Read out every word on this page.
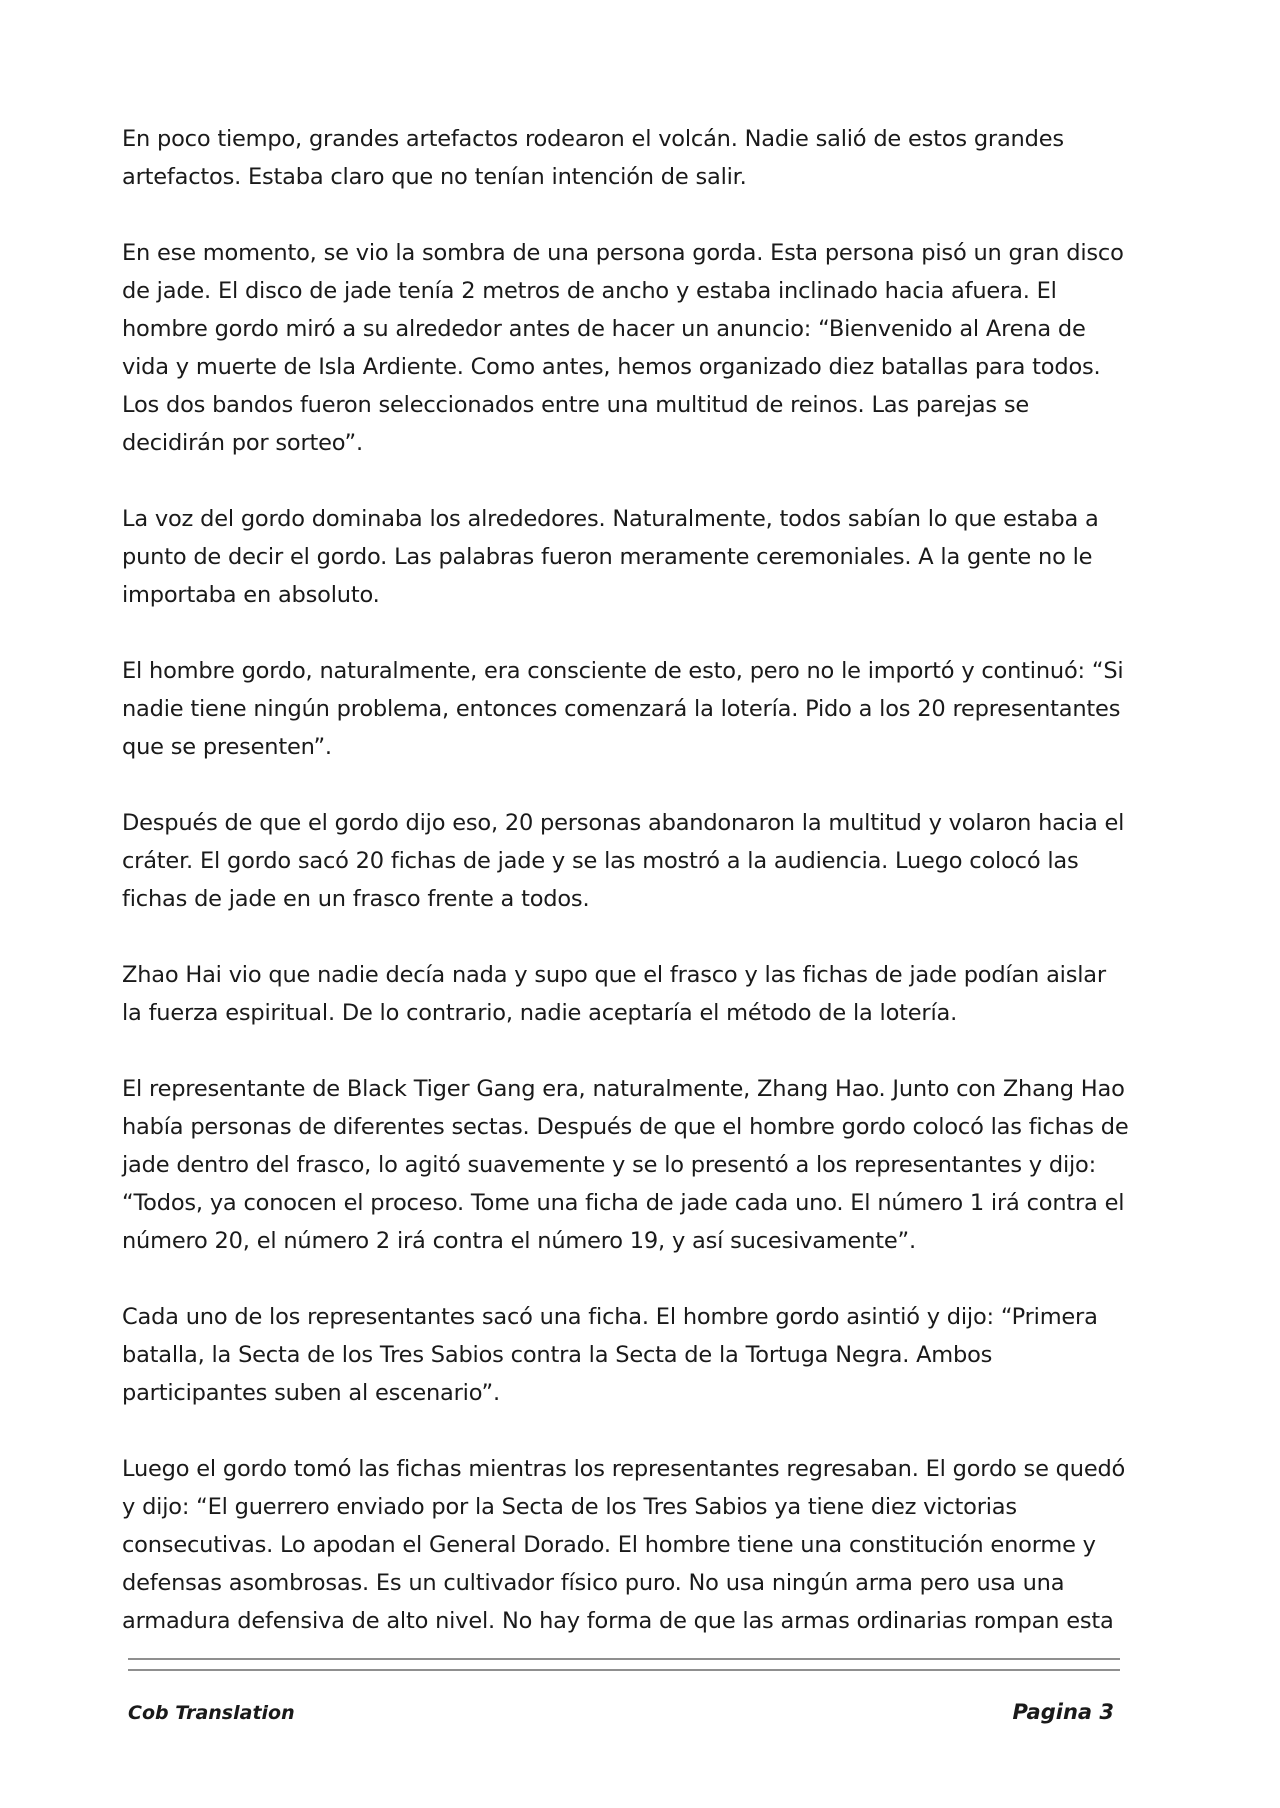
En poco tiempo, grandes artefactos rodearon el volcán. Nadie salió de estos grandes artefactos. Estaba claro que no tenían intención de salir.

En ese momento, se vio la sombra de una persona gorda. Esta persona pisó un gran disco de jade. El disco de jade tenía 2 metros de ancho y estaba inclinado hacia afuera. El hombre gordo miró a su alrededor antes de hacer un anuncio: “Bienvenido al Arena de vida y muerte de Isla Ardiente. Como antes, hemos organizado diez batallas para todos. Los dos bandos fueron seleccionados entre una multitud de reinos. Las parejas se decidirán por sorteo”.

La voz del gordo dominaba los alrededores. Naturalmente, todos sabían lo que estaba a punto de decir el gordo. Las palabras fueron meramente ceremoniales. A la gente no le importaba en absoluto.

El hombre gordo, naturalmente, era consciente de esto, pero no le importó y continuó: “Si nadie tiene ningún problema, entonces comenzará la lotería. Pido a los 20 representantes que se presenten”.

Después de que el gordo dijo eso, 20 personas abandonaron la multitud y volaron hacia el cráter. El gordo sacó 20 fichas de jade y se las mostró a la audiencia. Luego colocó las fichas de jade en un frasco frente a todos.

Zhao Hai vio que nadie decía nada y supo que el frasco y las fichas de jade podían aislar la fuerza espiritual. De lo contrario, nadie aceptaría el método de la lotería.

El representante de Black Tiger Gang era, naturalmente, Zhang Hao. Junto con Zhang Hao había personas de diferentes sectas. Después de que el hombre gordo colocó las fichas de jade dentro del frasco, lo agitó suavemente y se lo presentó a los representantes y dijo: “Todos, ya conocen el proceso. Tome una ficha de jade cada uno. El número 1 irá contra el número 20, el número 2 irá contra el número 19, y así sucesivamente”.

Cada uno de los representantes sacó una ficha. El hombre gordo asintió y dijo: “Primera batalla, la Secta de los Tres Sabios contra la Secta de la Tortuga Negra. Ambos participantes suben al escenario”.

Luego el gordo tomó las fichas mientras los representantes regresaban. El gordo se quedó y dijo: “El guerrero enviado por la Secta de los Tres Sabios ya tiene diez victorias consecutivas. Lo apodan el General Dorado. El hombre tiene una constitución enorme y defensas asombrosas. Es un cultivador físico puro. No usa ningún arma pero usa una armadura defensiva de alto nivel. No hay forma de que las armas ordinarias rompan esta

Cob Translation	Pagina 3
